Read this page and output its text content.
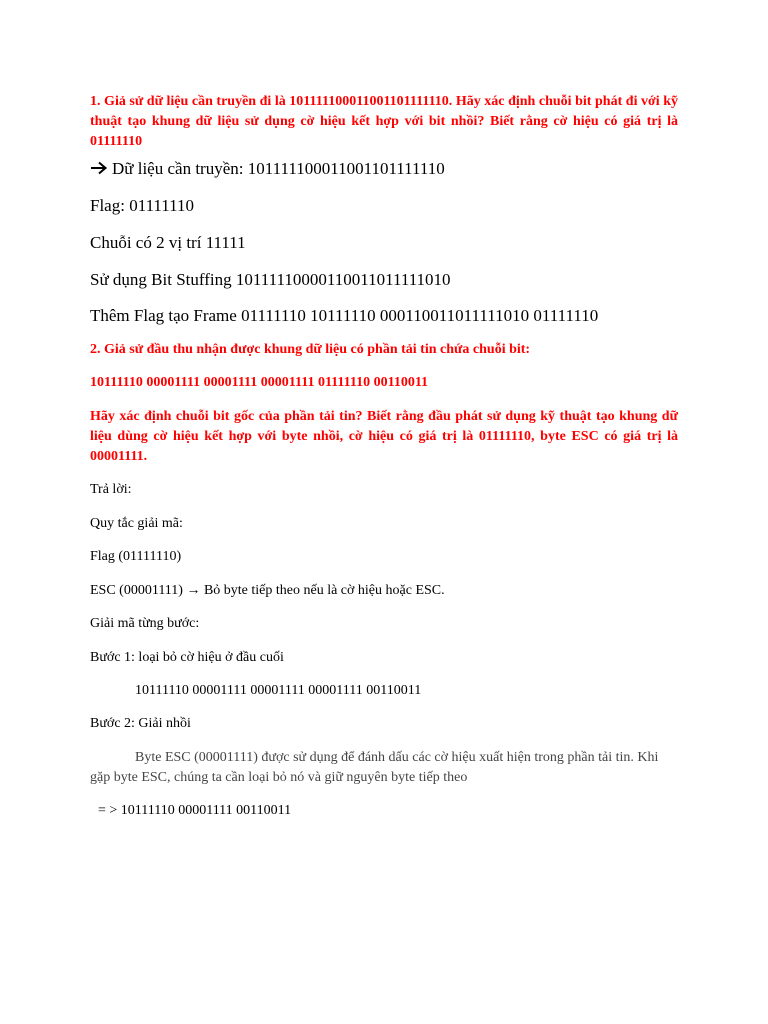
1. Giả sử dữ liệu cần truyền đi là 101111100011001101111110. Hãy xác định chuỗi bit phát đi với kỹ thuật tạo khung dữ liệu sử dụng cờ hiệu kết hợp với bit nhồi? Biết rằng cờ hiệu có giá trị là 01111110

Dữ liệu cần truyền: 101111100011001101111110

Flag: 01111110

Chuỗi có 2 vị trí 11111

Sử dụng Bit Stuffing 10111110000110011011111010

Thêm Flag tạo Frame 01111110 10111110 000110011011111010 01111110

2. Giả sử đầu thu nhận được khung dữ liệu có phần tải tin chứa chuỗi bit:

10111110 00001111 00001111 00001111 01111110 00110011

Hãy xác định chuỗi bit gốc của phần tải tin? Biết rằng đầu phát sử dụng kỹ thuật tạo khung dữ liệu dùng cờ hiệu kết hợp với byte nhồi, cờ hiệu có giá trị là 01111110, byte ESC có giá trị là 00001111.

Trả lời:

Quy tắc giải mã:

Flag (01111110)

ESC (00001111) → Bỏ byte tiếp theo nếu là cờ hiệu hoặc ESC.

Giải mã từng bước:

Bước 1: loại bỏ cờ hiệu ở đầu cuối

10111110 00001111 00001111 00001111 00110011

Bước 2: Giải nhồi

Byte ESC (00001111) được sử dụng để đánh dấu các cờ hiệu xuất hiện trong phần tải tin. Khi gặp byte ESC, chúng ta cần loại bỏ nó và giữ nguyên byte tiếp theo

= > 10111110 00001111 00110011
